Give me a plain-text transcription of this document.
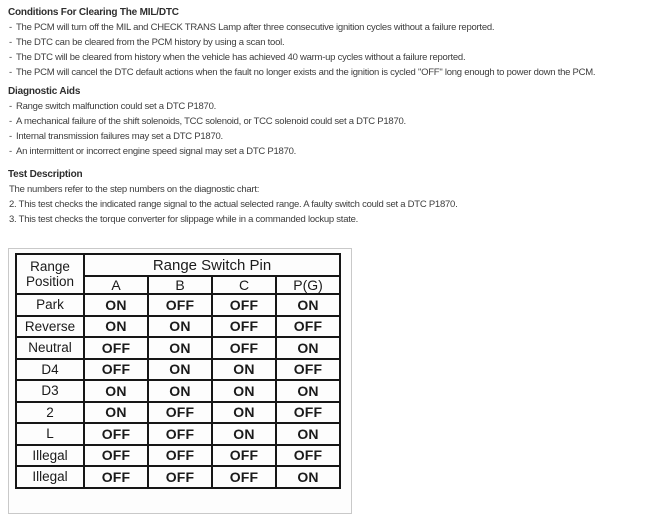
Conditions For Clearing The MIL/DTC
- The PCM will turn off the MIL and CHECK TRANS Lamp after three consecutive ignition cycles without a failure reported.
- The DTC can be cleared from the PCM history by using a scan tool.
- The DTC will be cleared from history when the vehicle has achieved 40 warm-up cycles without a failure reported.
- The PCM will cancel the DTC default actions when the fault no longer exists and the ignition is cycled "OFF" long enough to power down the PCM.
Diagnostic Aids
- Range switch malfunction could set a DTC P1870.
- A mechanical failure of the shift solenoids, TCC solenoid, or TCC solenoid could set a DTC P1870.
- Internal transmission failures may set a DTC P1870.
- An intermittent or incorrect engine speed signal may set a DTC P1870.
Test Description
The numbers refer to the step numbers on the diagnostic chart:
2. This test checks the indicated range signal to the actual selected range. A faulty switch could set a DTC P1870.
3. This test checks the torque converter for slippage while in a commanded lockup state.
Range Position	Range Switch Pin			
	A	B	C	P(G)
Park	ON	OFF	OFF	ON
Reverse	ON	ON	OFF	OFF
Neutral	OFF	ON	OFF	ON
D4	OFF	ON	ON	OFF
D3	ON	ON	ON	ON
2	ON	OFF	ON	OFF
L	OFF	OFF	ON	ON
Illegal	OFF	OFF	OFF	OFF
Illegal	OFF	OFF	OFF	ON
